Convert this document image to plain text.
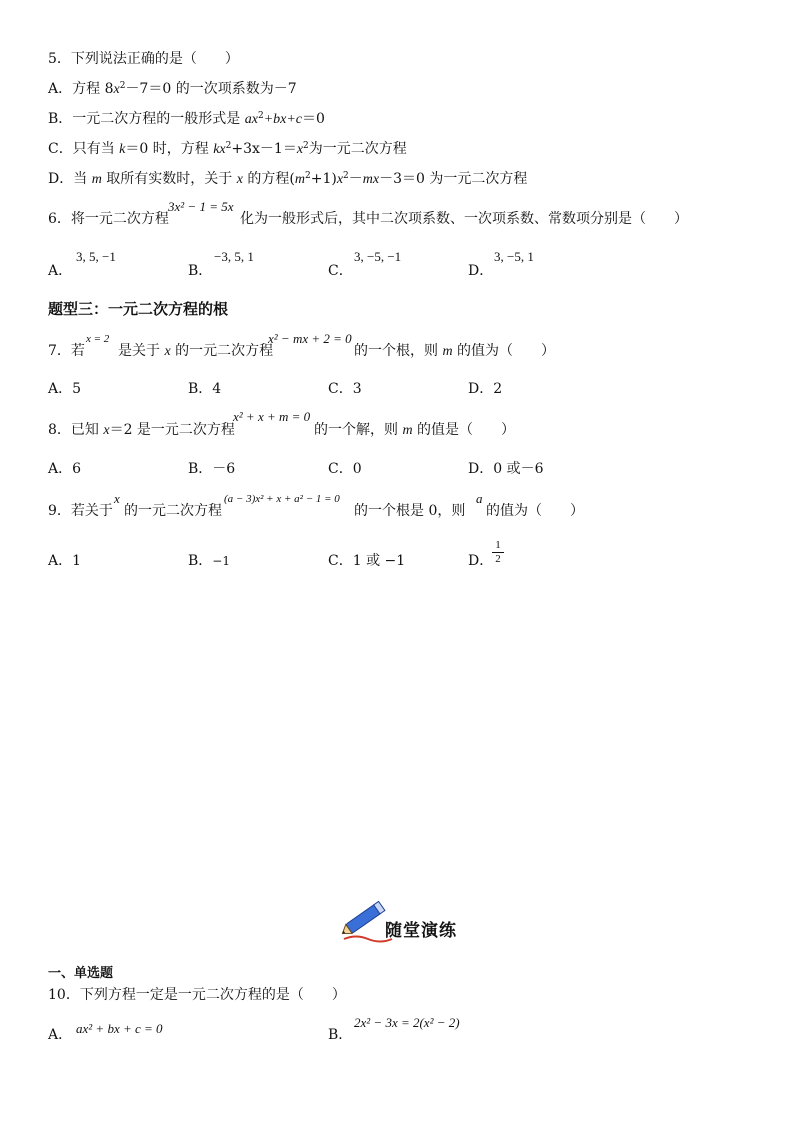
5．下列说法正确的是（　　）
A．方程 $8x^2-7=0$ 的一次项系数为－7
B．一元二次方程的一般形式是 $ax^2+bx+c=0$
C．只有当 k＝0 时，方程 $kx^2+3x-1=x^2$为一元二次方程
D．当 m 取所有实数时，关于 x 的方程$(m^2+1)x^2-mx-3=0$ 为一元二次方程
6．将一元二次方程
3x² − 1 = 5x
化为一般形式后，其中二次项系数、一次项系数、常数项分别是（　　）
A．
3, 5, −1
B．
−3, 5, 1
C．
3, −5, −1
D．
3, −5, 1
题型三：一元二次方程的根
7．若
x = 2
是关于 x 的一元二次方程
x² − mx + 2 = 0
的一个根，则 m 的值为（　　）
A．5	B．4	C．3	D．2
8．已知 x＝2 是一元二次方程
x² + x + m = 0
的一个解，则 m 的值是（　　）
A．6	B．－6	C．0	D．0 或－6
9．若关于
x
的一元二次方程
(a − 3)x² + x + a² − 1 = 0
的一个根是 0，则
a
的值为（　　）
A．1	B．−1	C．1 或 −1	D．
1
2
随堂演练
一、单选题
10．下列方程一定是一元二次方程的是（　　）
A． ax² + bx + c = 0	B．
2x² − 3x = 2(x² − 2)
